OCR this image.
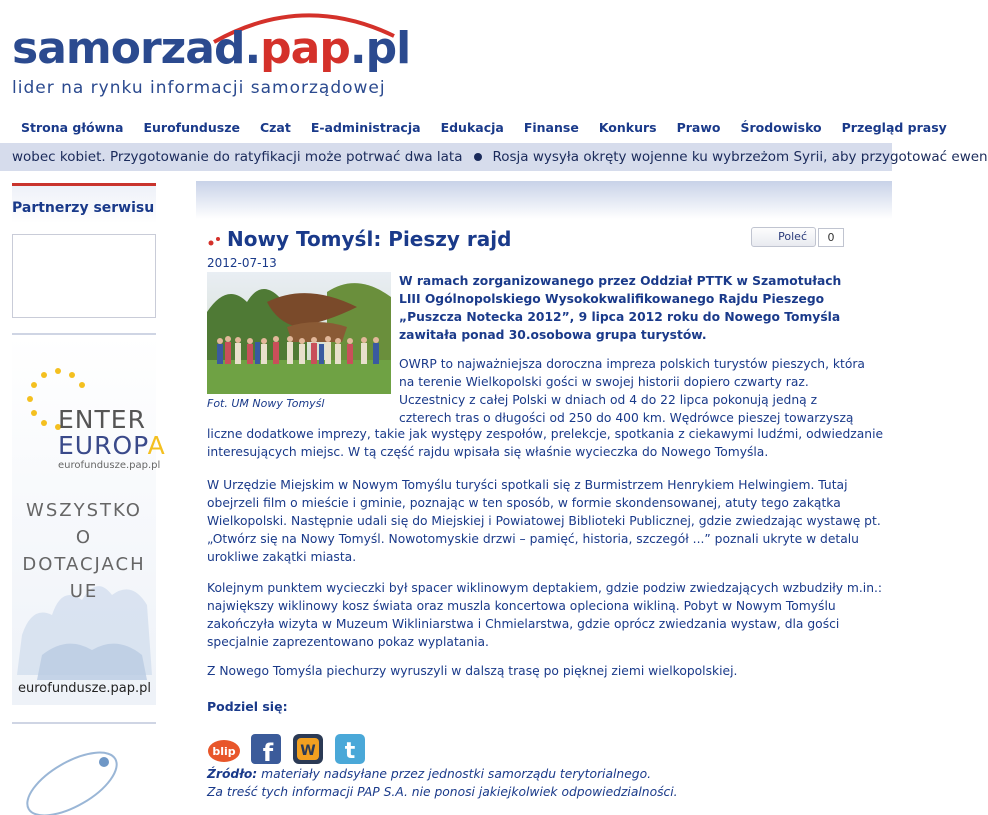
samorzad.pap.pl
lider na rynku informacji samorządowej
Strona główna Eurofundusze Czat E-administracja Edukacja Finanse Konkurs Prawo Środowisko Przegląd prasy
wobec kobiet. Przygotowanie do ratyfikacji może potrwać dwa lata Rosja wysyła okręty wojenne ku wybrzeżom Syrii, aby przygotować ewen
Partnerzy serwisu
ENTER
EUROPA
eurofundusze.pap.pl
WSZYSTKO
O DOTACJACH
UE
eurofundusze.pap.pl
Nowy Tomyśl: Pieszy rajd	Poleć	0
2012-07-13
Fot. UM Nowy Tomyśl
W ramach zorganizowanego przez Oddział PTTK w Szamotułach LIII Ogólnopolskiego Wysokokwalifikowanego Rajdu Pieszego „Puszcza Notecka 2012”, 9 lipca 2012 roku do Nowego Tomyśla zawitała ponad 30.osobowa grupa turystów.
OWRP to najważniejsza doroczna impreza polskich turystów pieszych, która na terenie Wielkopolski gości w swojej historii dopiero czwarty raz. Uczestnicy z całej Polski w dniach od 4 do 22 lipca pokonują jedną z czterech tras o długości od 250 do 400 km. Wędrówce pieszej towarzyszą
liczne dodatkowe imprezy, takie jak występy zespołów, prelekcje, spotkania z ciekawymi ludźmi, odwiedzanie interesujących miejsc. W tą część rajdu wpisała się właśnie wycieczka do Nowego Tomyśla.
W Urzędzie Miejskim w Nowym Tomyślu turyści spotkali się z Burmistrzem Henrykiem Helwingiem. Tutaj obejrzeli film o mieście i gminie, poznając w ten sposób, w formie skondensowanej, atuty tego zakątka Wielkopolski. Następnie udali się do Miejskiej i Powiatowej Biblioteki Publicznej, gdzie zwiedzając wystawę pt. „Otwórz się na Nowy Tomyśl. Nowotomyskie drzwi – pamięć, historia, szczegół ...” poznali ukryte w detalu urokliwe zakątki miasta.
Kolejnym punktem wycieczki był spacer wiklinowym deptakiem, gdzie podziw zwiedzających wzbudziły m.in.: największy wiklinowy kosz świata oraz muszla koncertowa opleciona wikliną. Pobyt w Nowym Tomyślu zakończyła wizyta w Muzeum Wikliniarstwa i Chmielarstwa, gdzie oprócz zwiedzania wystaw, dla gości specjalnie zaprezentowano pokaz wyplatania.
Z Nowego Tomyśla piechurzy wyruszyli w dalszą trasę po pięknej ziemi wielkopolskiej.
Podziel się:
blip f W t
Źródło: materiały nadsyłane przez jednostki samorządu terytorialnego.
Za treść tych informacji PAP S.A. nie ponosi jakiejkolwiek odpowiedzialności.
